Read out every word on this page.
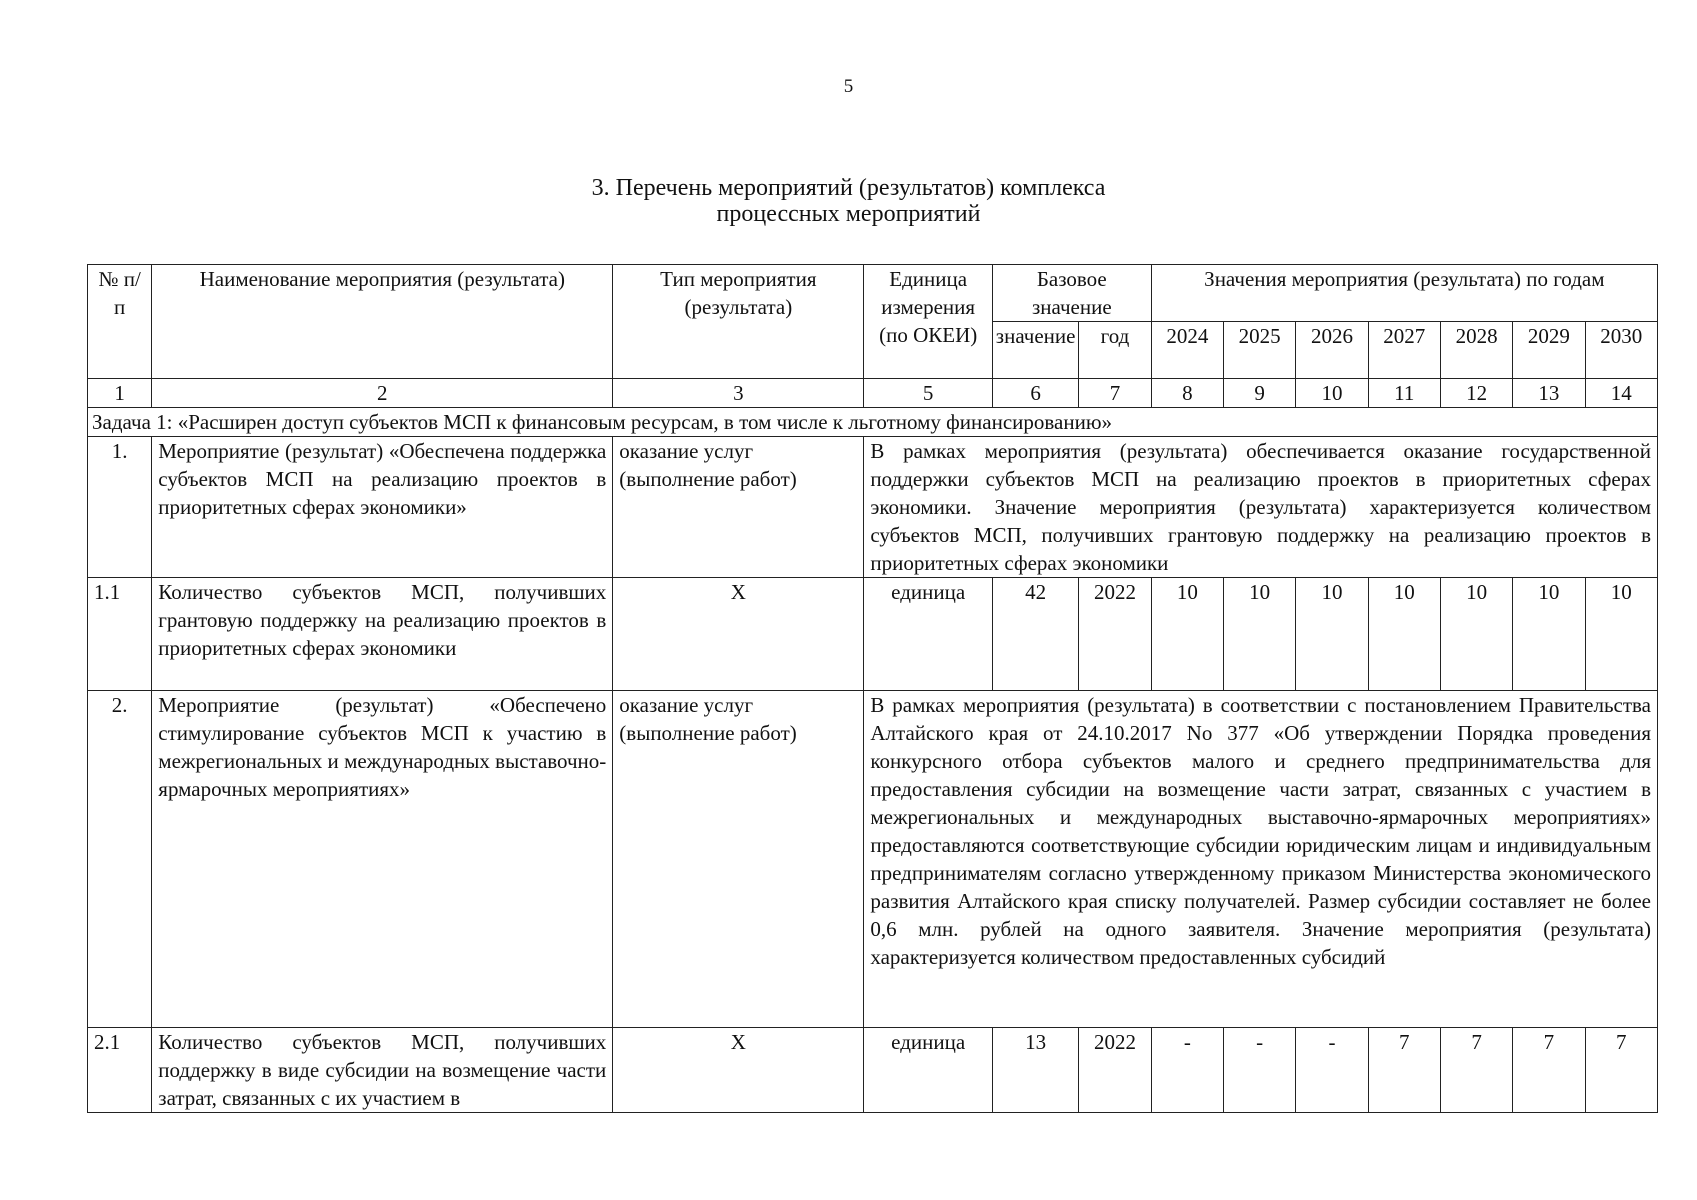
5
3. Перечень мероприятий (результатов) комплекса
процессных мероприятий
№ п/п	Наименование мероприятия (результата)	Тип мероприятия (результата)	Единица измерения (по ОКЕИ)	Базовое значение		Значения мероприятия (результата) по годам						
				значение	год	2024	2025	2026	2027	2028	2029	2030
1	2	3	5	6	7	8	9	10	11	12	13	14
Задача 1: «Расширен доступ субъектов МСП к финансовым ресурсам, в том числе к льготному финансированию»												
1.	Мероприятие (результат) «Обеспечена поддержка субъектов МСП на реализацию проектов в приоритетных сферах экономики»	оказание услуг (выполнение работ)	В рамках мероприятия (результата) обеспечивается оказание государственной поддержки субъектов МСП на реализацию проектов в приоритетных сферах экономики. Значение мероприятия (результата) характеризуется количеством субъектов МСП, получивших грантовую поддержку на реализацию проектов в приоритетных сферах экономики									
1.1	Количество субъектов МСП, получивших грантовую поддержку на реализацию проектов в приоритетных сферах экономики	Х	единица	42	2022	10	10	10	10	10	10	10
2.	Мероприятие (результат) «Обеспечено стимулирование субъектов МСП к участию в межрегиональных и международных выставочно-ярмарочных мероприятиях»	оказание услуг (выполнение работ)	В рамках мероприятия (результата) в соответствии с постановлением Правительства Алтайского края от 24.10.2017 No 377 «Об утверждении Порядка проведения конкурсного отбора субъектов малого и среднего предпринимательства для предоставления субсидии на возмещение части затрат, связанных с участием в межрегиональных и международных выставочно-ярмарочных мероприятиях» предоставляются соответствующие субсидии юридическим лицам и индивидуальным предпринимателям согласно утвержденному приказом Министерства экономического развития Алтайского края списку получателей. Размер субсидии составляет не более 0,6 млн. рублей на одного заявителя. Значение мероприятия (результата) характеризуется количеством предоставленных субсидий									
2.1	Количество субъектов МСП, получивших поддержку в виде субсидии на возмещение части затрат, связанных с их участием в	Х	единица	13	2022	-	-	-	7	7	7	7
